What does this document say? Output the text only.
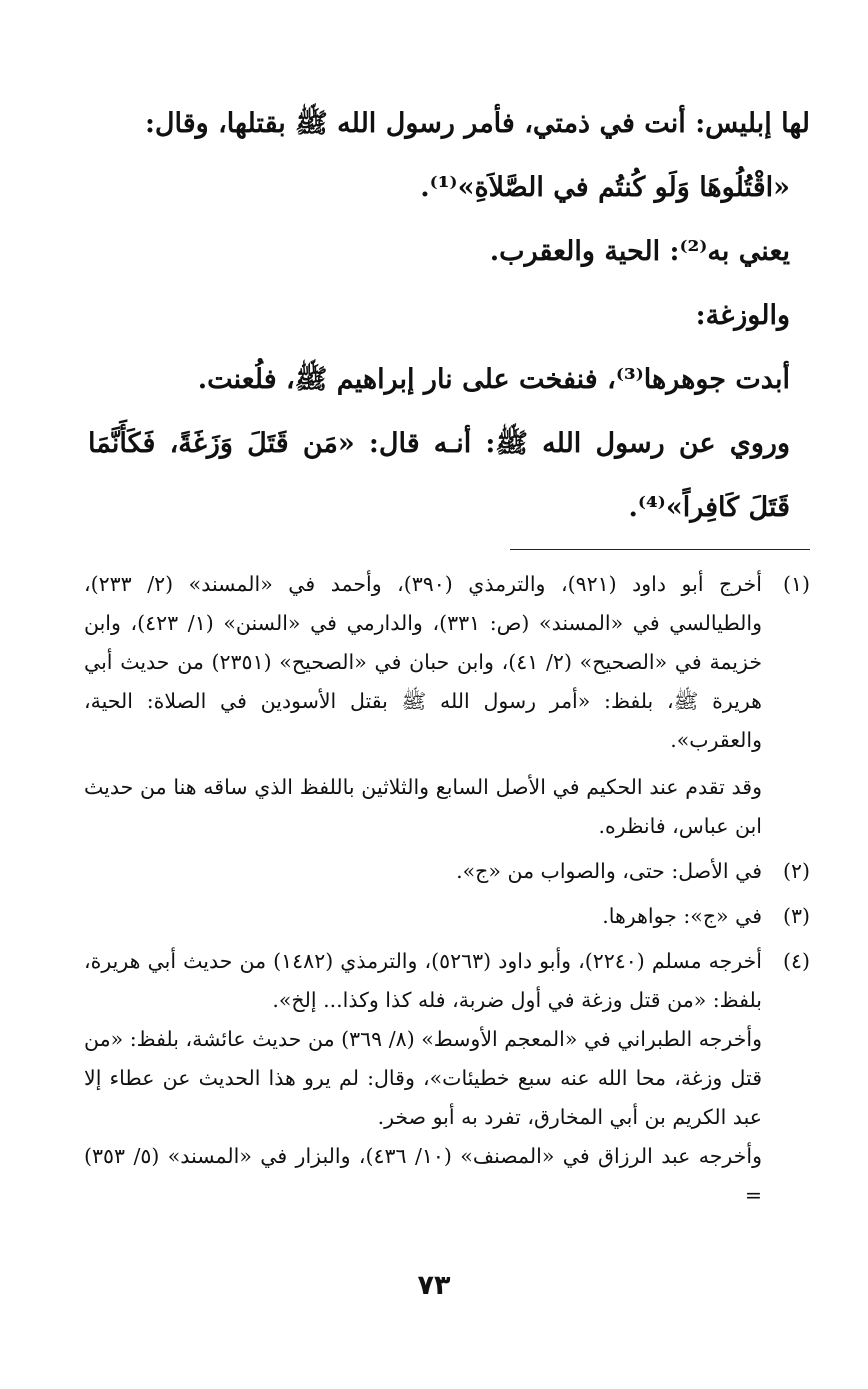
لها إبليس: أنت في ذمتي، فأمر رسول الله ﷺ بقتلها، وقال:

«اقْتُلُوهَا وَلَو كُنتُم في الصَّلاَةِ»⁽¹⁾.

يعني به⁽²⁾: الحية والعقرب.

والوزغة:

أبدت جوهرها⁽³⁾، فنفخت على نار إبراهيم ﷺ، فلُعنت.

وروي عن رسول الله ﷺ: أنـه قال: «مَن قَتَلَ وَزَغَةً، فَكَأَنَّمَا قَتَلَ كَافِراً»⁽⁴⁾.

(١)

أخرج أبو داود (٩٢١)، والترمذي (٣٩٠)، وأحمد في «المسند» (٢/ ٢٣٣)، والطيالسي في «المسند» (ص: ٣٣١)، والدارمي في «السنن» (١/ ٤٢٣)، وابن خزيمة في «الصحيح» (٢/ ٤١)، وابن حبان في «الصحيح» (٢٣٥١) من حديث أبي هريرة ﷺ، بلفظ: «أمر رسول الله ﷺ بقتل الأسودين في الصلاة: الحية، والعقرب».

وقد تقدم عند الحكيم في الأصل السابع والثلاثين باللفظ الذي ساقه هنا من حديث ابن عباس، فانظره.

(٢)

في الأصل: حتى، والصواب من «ج».

(٣)

في «ج»: جواهرها.

(٤)

أخرجه مسلم (٢٢٤٠)، وأبو داود (٥٢٦٣)، والترمذي (١٤٨٢) من حديث أبي هريرة، بلفظ: «من قتل وزغة في أول ضربة، فله كذا وكذا... إلخ».

وأخرجه الطبراني في «المعجم الأوسط» (٨/ ٣٦٩) من حديث عائشة، بلفظ: «من قتل وزغة، محا الله عنه سبع خطيئات»، وقال: لم يرو هذا الحديث عن عطاء إلا عبد الكريم بن أبي المخارق، تفرد به أبو صخر.

وأخرجه عبد الرزاق في «المصنف» (١٠/ ٤٣٦)، والبزار في «المسند» (٥/ ٣٥٣) =

٧٣
